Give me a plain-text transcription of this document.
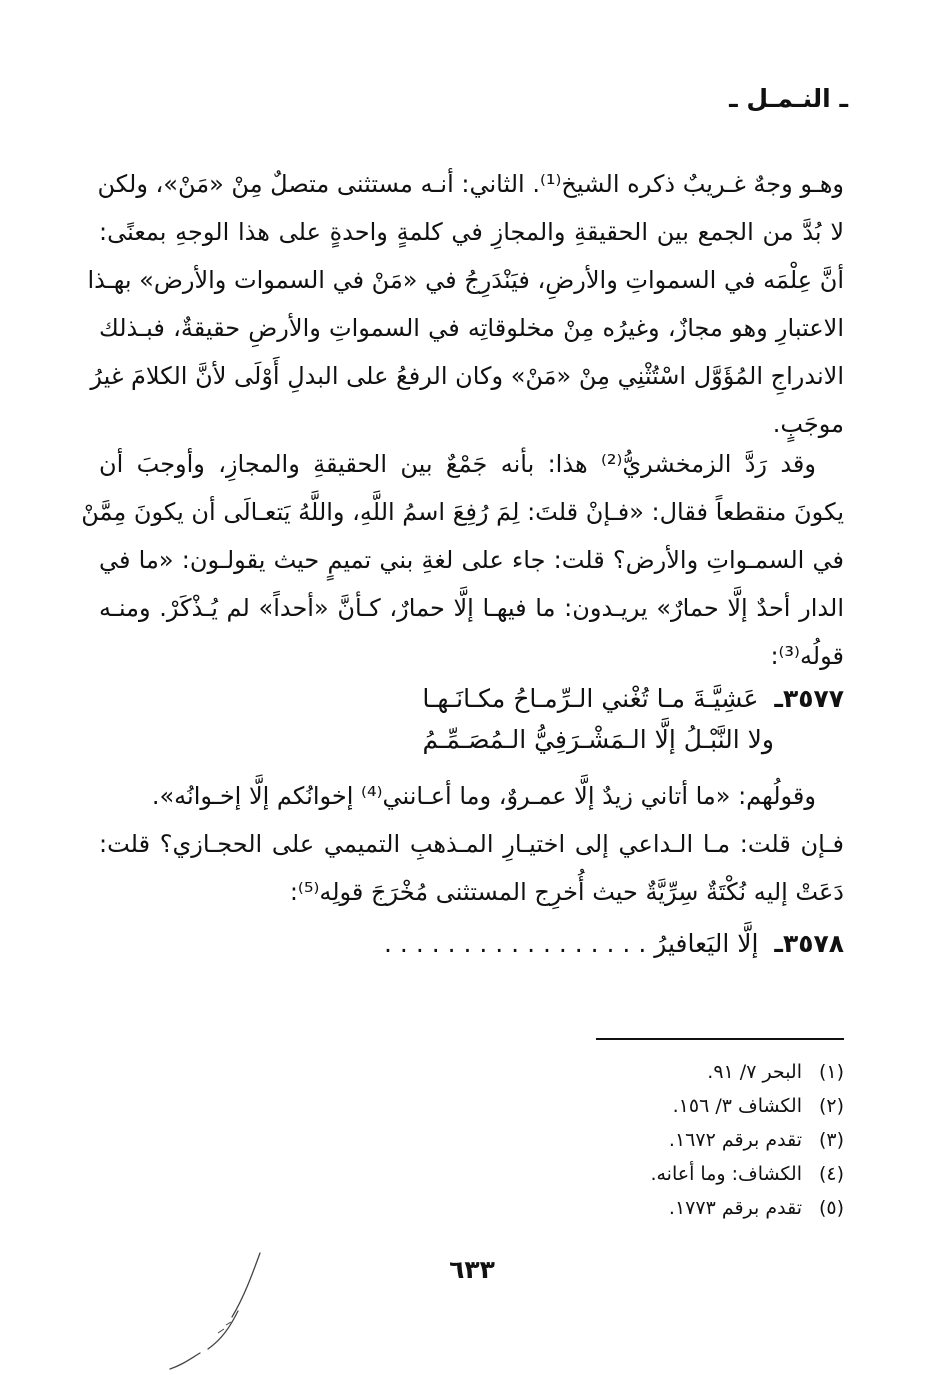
ـ النـمـل ـ
وهـو وجهٌ غـريبٌ ذكره الشيخ⁽¹⁾. الثاني: أنـه مستثنى متصلٌ مِنْ «مَنْ»، ولكن
لا بُدَّ من الجمع بين الحقيقةِ والمجازِ في كلمةٍ واحدةٍ على هذا الوجهِ بمعنًى:
أنَّ عِلْمَه في السمواتِ والأرضِ، فيَنْدَرِجُ في «مَنْ في السموات والأرض» بهـذا
الاعتبارِ وهو مجازٌ، وغيرُه مِنْ مخلوقاتِه في السمواتِ والأرضِ حقيقةٌ، فبـذلك
الاندراجِ المُؤَوَّل اسْتُثْنِي مِنْ «مَنْ» وكان الرفعُ على البدلِ أَوْلَى لأنَّ الكلامَ غيرُ
موجَبٍ.
وقد رَدَّ الزمخشريُّ⁽²⁾ هذا: بأنه جَمْعٌ بين الحقيقةِ والمجازِ، وأوجبَ أن
يكونَ منقطعاً فقال: «فـإنْ قلتَ: لِمَ رُفِعَ اسمُ اللَّهِ، واللَّهُ يَتعـالَى أن يكونَ مِمَّنْ
في السمـواتِ والأرض؟ قلت: جاء على لغةِ بني تميمٍ حيث يقولـون: «ما في
الدار أحدٌ إلَّا حمارٌ» يريـدون: ما فيهـا إلَّا حمارٌ، كـأنَّ «أحداً» لم يُـذْكَرْ. ومنـه
قولُه⁽³⁾:
٣٥٧٧ـ عَشِيَّـةَ مـا تُغْني الـرِّمـاحُ مكـانَـهـا
ولا النَّبْـلُ إلَّا الـمَشْـرَفِيُّ الـمُصَـمِّـمُ
وقولُهم: «ما أتاني زيدٌ إلَّا عمـروٌ، وما أعـانني⁽⁴⁾ إخوانُكم إلَّا إخـوانُه».
فـإن قلت: مـا الـداعي إلى اختيـارِ المـذهبِ التميمي على الحجـازي؟ قلت:
دَعَتْ إليه نُكْتَةٌ سِرِّيَّةٌ حيث أُخرِج المستثنى مُخْرَجَ قولِه⁽⁵⁾:
٣٥٧٨ـ إلَّا اليَعافيرُ . . . . . . . . . . . . . . . . .
(١)
البحر ٧/ ٩١.
(٢)
الكشاف ٣/ ١٥٦.
(٣)
تقدم برقم ١٦٧٢.
(٤)
الكشاف: وما أعانه.
(٥)
تقدم برقم ١٧٧٣.
٦٣٣
